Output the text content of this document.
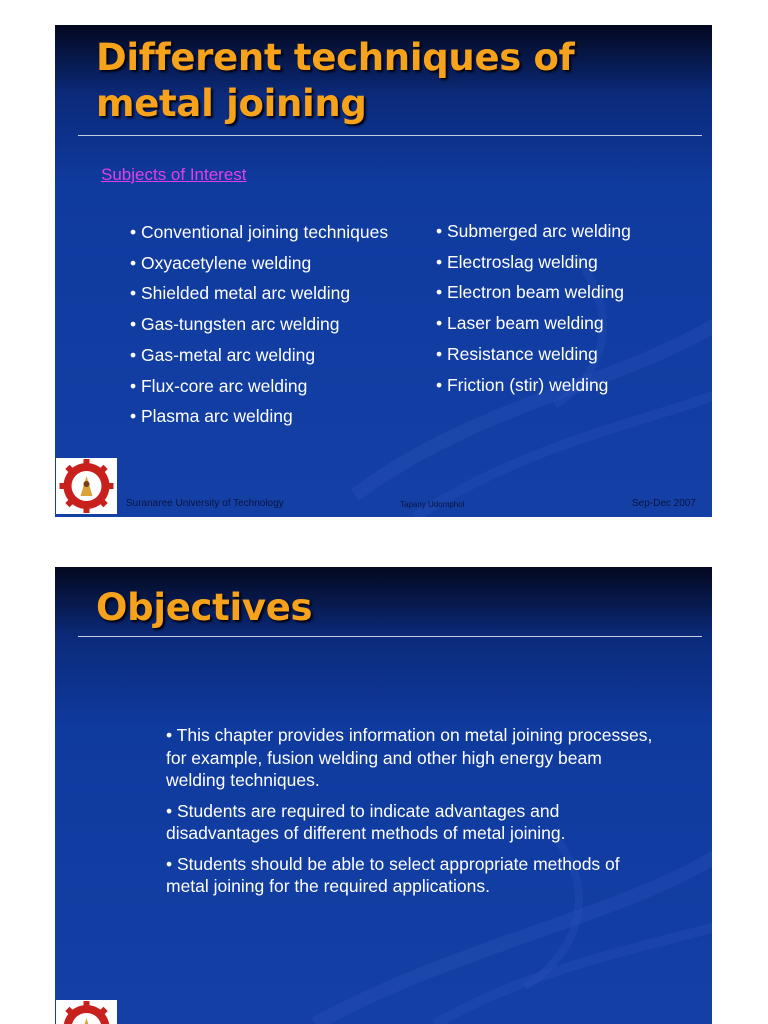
Different techniques of
metal joining
Subjects of Interest
• Conventional joining techniques
• Oxyacetylene welding
• Shielded metal arc welding
• Gas-tungsten arc welding
• Gas-metal arc welding
• Flux-core arc welding
• Plasma arc welding
• Submerged arc welding
• Electroslag welding
• Electron beam welding
• Laser beam welding
• Resistance welding
• Friction (stir) welding
Suranaree University of Technology	Tapany Udomphol	Sep-Dec 2007
Objectives
• This chapter provides information on metal joining processes, for example, fusion welding and other high energy beam welding techniques.
• Students are required to indicate advantages and disadvantages of different methods of metal joining.
• Students should be able to select appropriate methods of metal joining for the required applications.
